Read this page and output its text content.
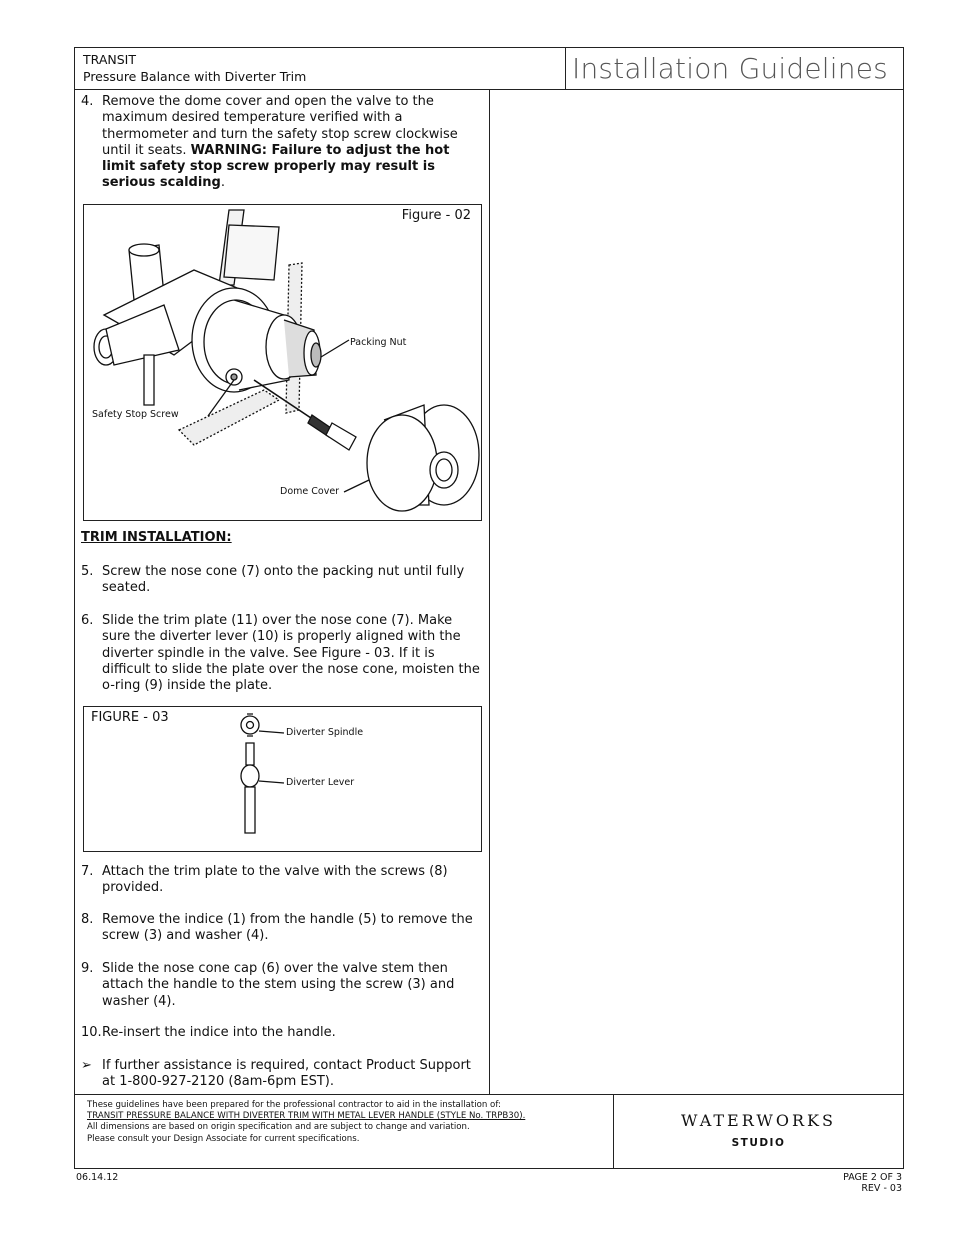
TRANSIT
Pressure Balance with Diverter Trim	Installation Guidelines
4. Remove the dome cover and open the valve to the maximum desired temperature verified with a thermometer and turn the safety stop screw clockwise until it seats. WARNING: Failure to adjust the hot limit safety stop screw properly may result is serious scalding.
Figure - 02
Packing Nut
Safety Stop Screw
Dome Cover
TRIM INSTALLATION:
5. Screw the nose cone (7) onto the packing nut until fully seated.
6. Slide the trim plate (11) over the nose cone (7). Make sure the diverter lever (10) is properly aligned with the diverter spindle in the valve. See Figure - 03. If it is difficult to slide the plate over the nose cone, moisten the o-ring (9) inside the plate.
FIGURE - 03
Diverter Spindle
Diverter Lever
7. Attach the trim plate to the valve with the screws (8) provided.
8. Remove the indice (1) from the handle (5) to remove the screw (3) and washer (4).
9. Slide the nose cone cap (6) over the valve stem then attach the handle to the stem using the screw (3) and washer (4).
10. Re-insert the indice into the handle.
➢ If further assistance is required, contact Product Support at 1-800-927-2120 (8am-6pm EST).
These guidelines have been prepared for the professional contractor to aid in the installation of:
TRANSIT PRESSURE BALANCE WITH DIVERTER TRIM WITH METAL LEVER HANDLE (STYLE No. TRPB30).
All dimensions are based on origin specification and are subject to change and variation.
Please consult your Design Associate for current specifications.
WATERWORKS
STUDIO
06.14.12	PAGE 2 OF 3
REV - 03
